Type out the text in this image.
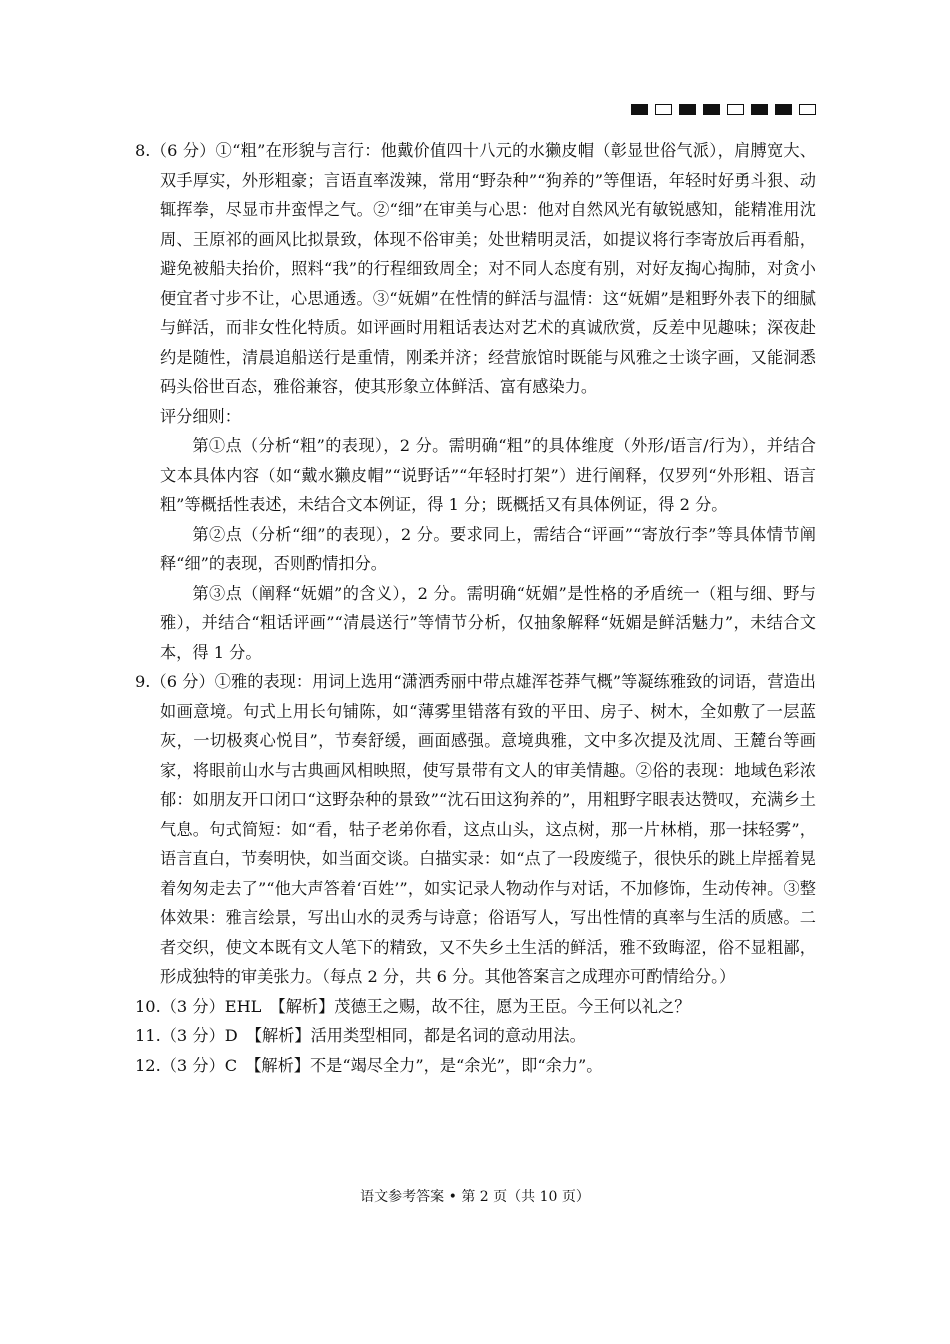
8.（6 分）①“粗”在形貌与言行：他戴价值四十八元的水獭皮帽（彰显世俗气派），肩膊宽大、双手厚实，外形粗豪；言语直率泼辣，常用“野杂种”“狗养的”等俚语，年轻时好勇斗狠、动辄挥拳，尽显市井蛮悍之气。②“细”在审美与心思：他对自然风光有敏锐感知，能精准用沈周、王原祁的画风比拟景致，体现不俗审美；处世精明灵活，如提议将行李寄放后再看船，避免被船夫抬价，照料“我”的行程细致周全；对不同人态度有别，对好友掏心掏肺，对贪小便宜者寸步不让，心思通透。③“妩媚”在性情的鲜活与温情：这“妩媚”是粗野外表下的细腻与鲜活，而非女性化特质。如评画时用粗话表达对艺术的真诚欣赏，反差中见趣味；深夜赴约是随性，清晨追船送行是重情，刚柔并济；经营旅馆时既能与风雅之士谈字画，又能洞悉码头俗世百态，雅俗兼容，使其形象立体鲜活、富有感染力。

评分细则：

第①点（分析“粗”的表现），2 分。需明确“粗”的具体维度（外形/语言/行为），并结合文本具体内容（如“戴水獭皮帽”“说野话”“年轻时打架”）进行阐释，仅罗列“外形粗、语言粗”等概括性表述，未结合文本例证，得 1 分；既概括又有具体例证，得 2 分。

第②点（分析“细”的表现），2 分。要求同上，需结合“评画”“寄放行李”等具体情节阐释“细”的表现，否则酌情扣分。

第③点（阐释“妩媚”的含义），2 分。需明确“妩媚”是性格的矛盾统一（粗与细、野与雅），并结合“粗话评画”“清晨送行”等情节分析，仅抽象解释“妩媚是鲜活魅力”，未结合文本，得 1 分。

9.（6 分）①雅的表现：用词上选用“潇洒秀丽中带点雄浑苍莽气概”等凝练雅致的词语，营造出如画意境。句式上用长句铺陈，如“薄雾里错落有致的平田、房子、树木，全如敷了一层蓝灰，一切极爽心悦目”，节奏舒缓，画面感强。意境典雅，文中多次提及沈周、王麓台等画家，将眼前山水与古典画风相映照，使写景带有文人的审美情趣。②俗的表现：地域色彩浓郁：如朋友开口闭口“这野杂种的景致”“沈石田这狗养的”，用粗野字眼表达赞叹，充满乡土气息。句式简短：如“看，牯子老弟你看，这点山头，这点树，那一片林梢，那一抹轻雾”，语言直白，节奏明快，如当面交谈。白描实录：如“点了一段废缆子，很快乐的跳上岸摇着晃着匆匆走去了”“他大声答着‘百姓’”，如实记录人物动作与对话，不加修饰，生动传神。③整体效果：雅言绘景，写出山水的灵秀与诗意；俗语写人，写出性情的真率与生活的质感。二者交织，使文本既有文人笔下的精致，又不失乡土生活的鲜活，雅不致晦涩，俗不显粗鄙，形成独特的审美张力。（每点 2 分，共 6 分。其他答案言之成理亦可酌情给分。）

10.（3 分）EHL　【解析】茂德王之赐，故不往，愿为王臣。今王何以礼之？

11.（3 分）D　【解析】活用类型相同，都是名词的意动用法。

12.（3 分）C　【解析】不是“竭尽全力”，是“余光”，即“余力”。

语文参考答案 • 第 2 页（共 10 页）
